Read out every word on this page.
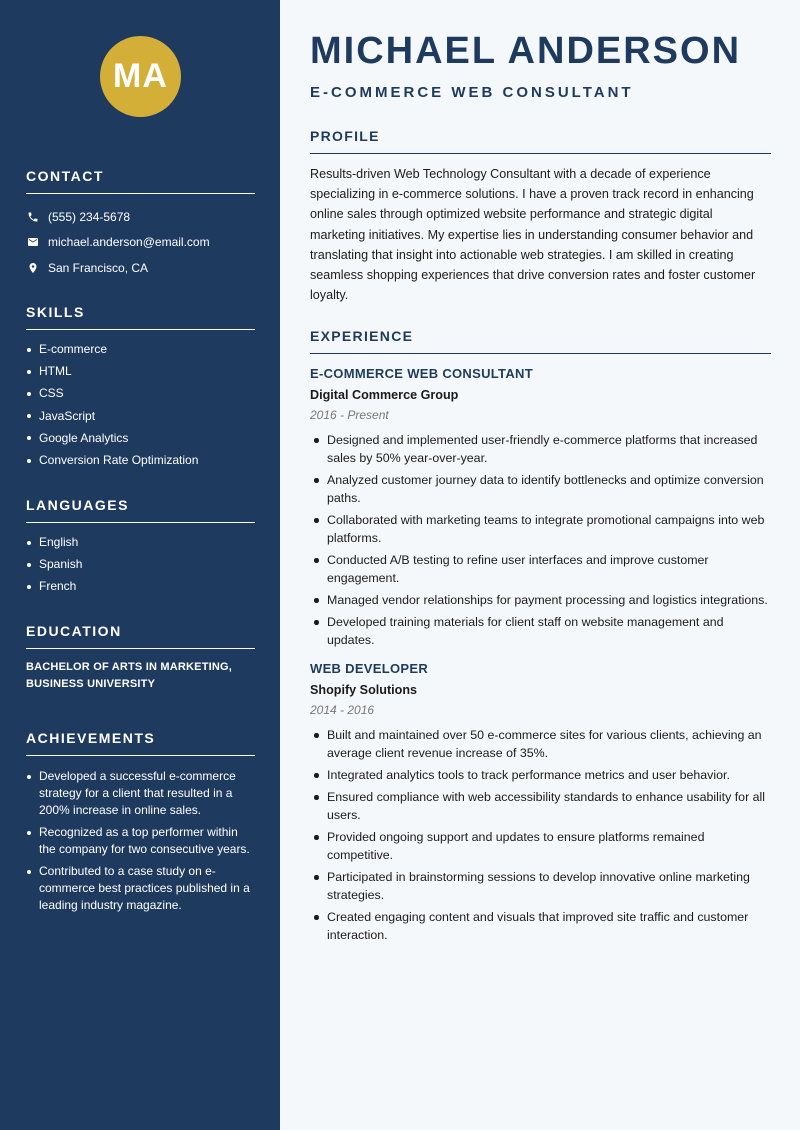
MA
CONTACT
(555) 234-5678
michael.anderson@email.com
San Francisco, CA
SKILLS
E-commerce
HTML
CSS
JavaScript
Google Analytics
Conversion Rate Optimization
LANGUAGES
English
Spanish
French
EDUCATION
BACHELOR OF ARTS IN MARKETING, BUSINESS UNIVERSITY
ACHIEVEMENTS
Developed a successful e-commerce strategy for a client that resulted in a 200% increase in online sales.
Recognized as a top performer within the company for two consecutive years.
Contributed to a case study on e-commerce best practices published in a leading industry magazine.
MICHAEL ANDERSON
E-COMMERCE WEB CONSULTANT
PROFILE

Results-driven Web Technology Consultant with a decade of experience specializing in e-commerce solutions. I have a proven track record in enhancing online sales through optimized website performance and strategic digital marketing initiatives. My expertise lies in understanding consumer behavior and translating that insight into actionable web strategies. I am skilled in creating seamless shopping experiences that drive conversion rates and foster customer loyalty.

EXPERIENCE
E-COMMERCE WEB CONSULTANT
Digital Commerce Group
2016 - Present
Designed and implemented user-friendly e-commerce platforms that increased sales by 50% year-over-year.
Analyzed customer journey data to identify bottlenecks and optimize conversion paths.
Collaborated with marketing teams to integrate promotional campaigns into web platforms.
Conducted A/B testing to refine user interfaces and improve customer engagement.
Managed vendor relationships for payment processing and logistics integrations.
Developed training materials for client staff on website management and updates.
WEB DEVELOPER
Shopify Solutions
2014 - 2016
Built and maintained over 50 e-commerce sites for various clients, achieving an average client revenue increase of 35%.
Integrated analytics tools to track performance metrics and user behavior.
Ensured compliance with web accessibility standards to enhance usability for all users.
Provided ongoing support and updates to ensure platforms remained competitive.
Participated in brainstorming sessions to develop innovative online marketing strategies.
Created engaging content and visuals that improved site traffic and customer interaction.
